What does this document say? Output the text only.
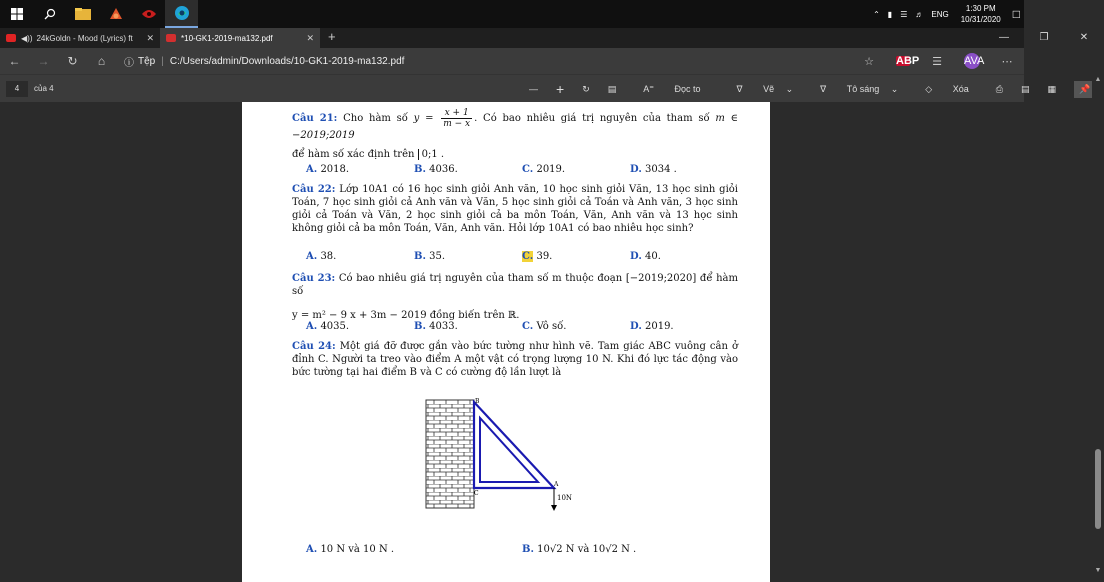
⌃ ▮ ☰ ♬ ENG
1:30 PM
10/31/2020 □
◀)) 24kGoldn - Mood (Lyrics) ft	✕	*10-GK1-2019-ma132.pdf	✕ +	—	❐	✕
←	→	↻	⌂	ⓘ Tệp | C:/Users/admin/Downloads/10-GK1-2019-ma132.pdf	☆	ABP	☰	AVA	⋯
4	của 4	— + ↻ ▤	A⁼ Đọc to	∇ Vẽ ⌄	∇ Tô sáng ⌄	◇ Xóa	⎙ ▤ ▦	📌
Câu 21: Cho hàm số $y = \frac{x + 1}{m - x}$ . Có bao nhiêu giá trị nguyên của tham số m ∈ −2019;2019
để hàm số xác định trên 0;1 .
A. 2018.	B. 4036.	C. 2019.	D. 3034 .
Câu 22: Lớp 10A1 có 16 học sinh giỏi Anh văn, 10 học sinh giỏi Văn, 13 học sinh giỏi Toán, 7 học sinh giỏi cả Anh văn và Văn, 5 học sinh giỏi cả Toán và Anh văn, 3 học sinh giỏi cả Toán và Văn, 2 học sinh giỏi cả ba môn Toán, Văn, Anh văn và 13 học sinh không giỏi cả ba môn Toán, Văn, Anh văn. Hỏi lớp 10A1 có bao nhiêu học sinh?
A. 38.	B. 35.	C. 39.	D. 40.
Câu 23: Có bao nhiêu giá trị nguyên của tham số m thuộc đoạn [−2019;2020] để hàm số
y = m² − 9 x + 3m − 2019 đồng biến trên ℝ.
A. 4035.	B. 4033.	C. Vô số.	D. 2019.
Câu 24: Một giá đỡ được gắn vào bức tường như hình vẽ. Tam giác ABC vuông cân ở đỉnh C. Người ta treo vào điểm A một vật có trọng lượng 10 N. Khi đó lực tác động vào bức tường tại hai điểm B và C có cường độ lần lượt là
B
C
A
10N
A. 10 N và 10 N .	B. 10√2 N và 10√2 N .
▲
▼
